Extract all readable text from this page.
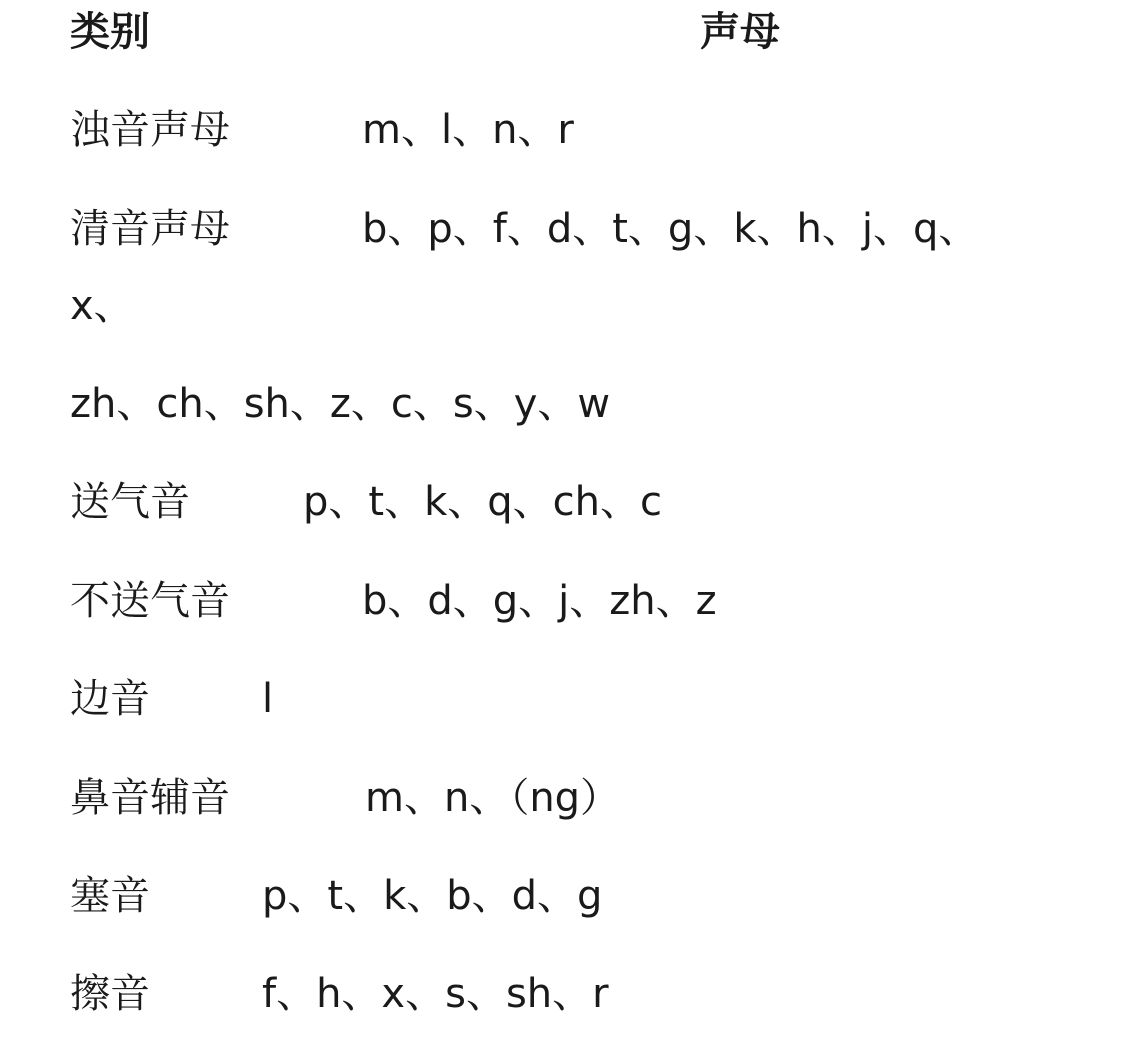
类别	声母
浊音声母	m、l、n、r
清音声母	b、p、f、d、t、g、k、h、j、q、
x、
zh、ch、sh、z、c、s、y、w
送气音	p、t、k、q、ch、c
不送气音	b、d、g、j、zh、z
边音	l
鼻音辅音	m、n、（ng）
塞音	p、t、k、b、d、g
擦音	f、h、x、s、sh、r
